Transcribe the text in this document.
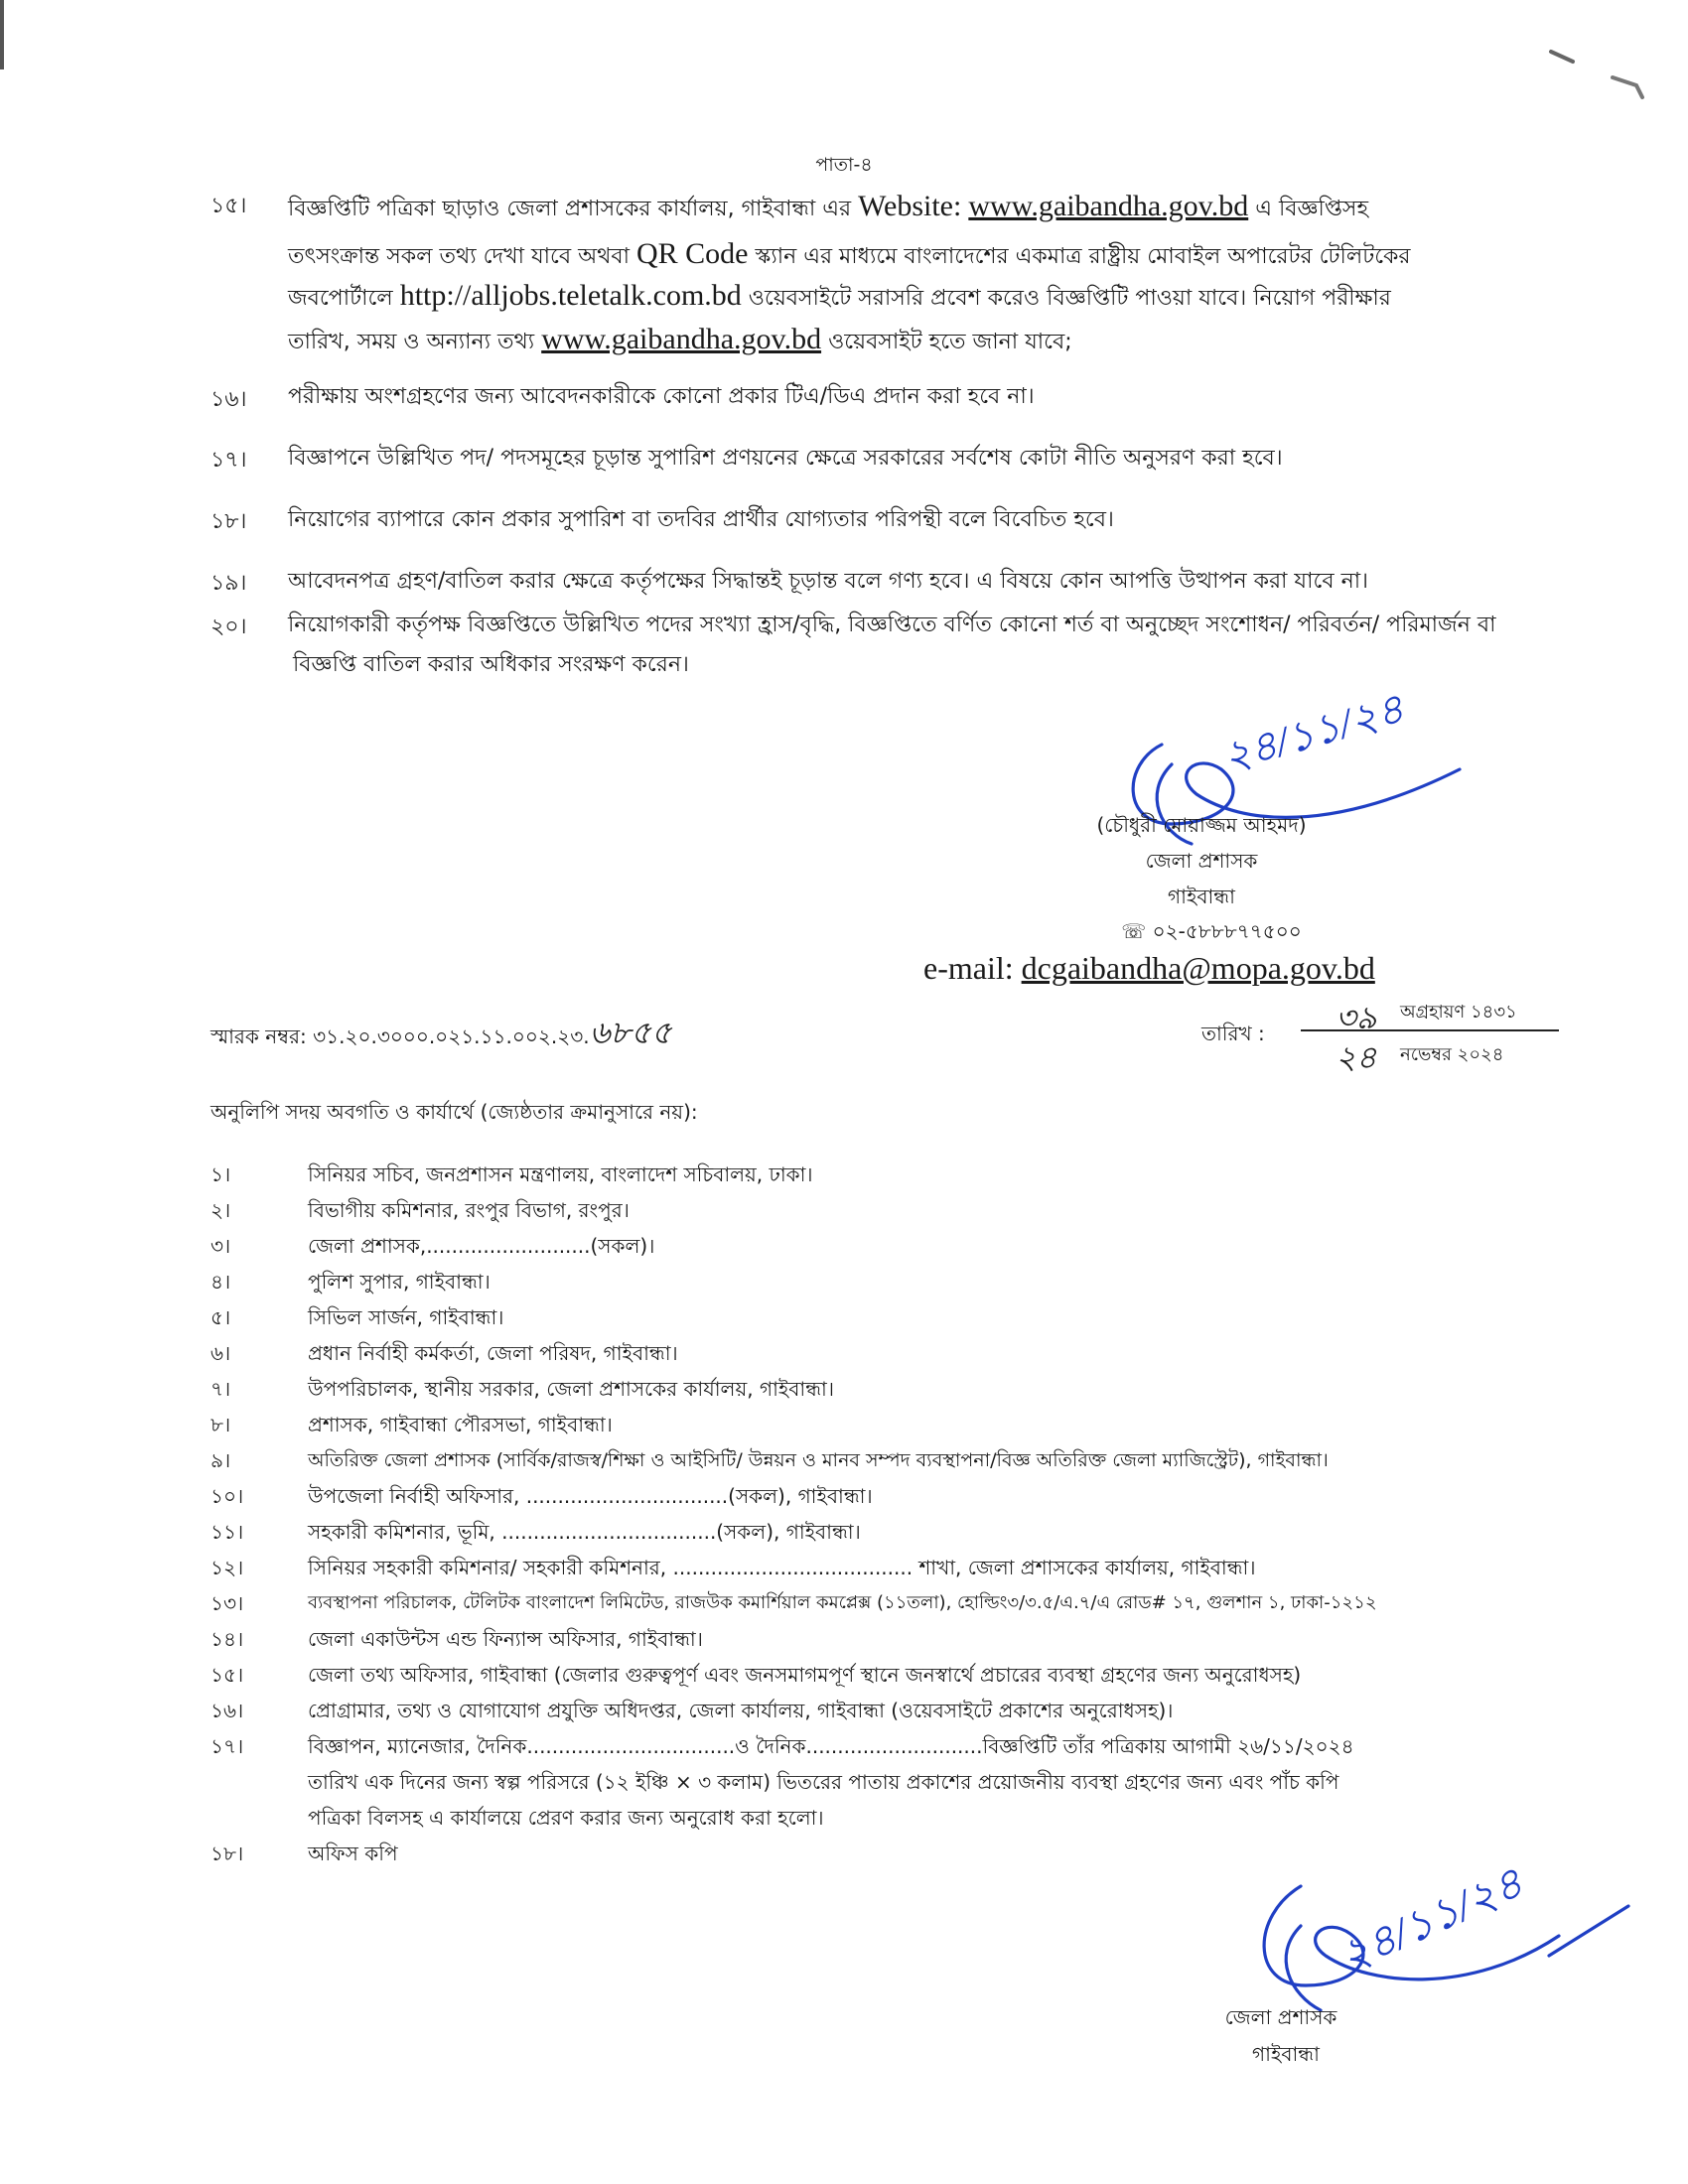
পাতা-৪
১৫। বিজ্ঞপ্তিটি পত্রিকা ছাড়াও জেলা প্রশাসকের কার্যালয়, গাইবান্ধা এর Website: www.gaibandha.gov.bd এ বিজ্ঞপ্তিসহ
তৎসংক্রান্ত সকল তথ্য দেখা যাবে অথবা QR Code স্ক্যান এর মাধ্যমে বাংলাদেশের একমাত্র রাষ্ট্রীয় মোবাইল অপারেটর টেলিটকের
জবপোর্টালে http://alljobs.teletalk.com.bd ওয়েবসাইটে সরাসরি প্রবেশ করেও বিজ্ঞপ্তিটি পাওয়া যাবে। নিয়োগ পরীক্ষার
তারিখ, সময় ও অন্যান্য তথ্য www.gaibandha.gov.bd ওয়েবসাইট হতে জানা যাবে;
১৬। পরীক্ষায় অংশগ্রহণের জন্য আবেদনকারীকে কোনো প্রকার টিএ/ডিএ প্রদান করা হবে না।
১৭। বিজ্ঞাপনে উল্লিখিত পদ/ পদসমূহের চূড়ান্ত সুপারিশ প্রণয়নের ক্ষেত্রে সরকারের সর্বশেষ কোটা নীতি অনুসরণ করা হবে।
১৮। নিয়োগের ব্যাপারে কোন প্রকার সুপারিশ বা তদবির প্রার্থীর যোগ্যতার পরিপন্থী বলে বিবেচিত হবে।
১৯। আবেদনপত্র গ্রহণ/বাতিল করার ক্ষেত্রে কর্তৃপক্ষের সিদ্ধান্তই চূড়ান্ত বলে গণ্য হবে। এ বিষয়ে কোন আপত্তি উত্থাপন করা যাবে না।
২০। নিয়োগকারী কর্তৃপক্ষ বিজ্ঞপ্তিতে উল্লিখিত পদের সংখ্যা হ্রাস/বৃদ্ধি, বিজ্ঞপ্তিতে বর্ণিত কোনো শর্ত বা অনুচ্ছেদ সংশোধন/ পরিবর্তন/ পরিমার্জন বা
বিজ্ঞপ্তি বাতিল করার অধিকার সংরক্ষণ করেন।
২৪/১১/২৪
(চৌধুরী মোয়াজ্জম আহমদ)
জেলা প্রশাসক
গাইবান্ধা
☏ ০২-৫৮৮৮৭৭৫০০
e-mail: dcgaibandha@mopa.gov.bd
স্মারক নম্বর: ৩১.২০.৩০০০.০২১.১১.০০২.২৩.৬৮৫৫	তারিখ : ৩৯ অগ্রহায়ণ ১৪৩১
২৪ নভেম্বর ২০২৪
অনুলিপি সদয় অবগতি ও কার্যার্থে (জ্যেষ্ঠতার ক্রমানুসারে নয়):
১।	সিনিয়র সচিব, জনপ্রশাসন মন্ত্রণালয়, বাংলাদেশ সচিবালয়, ঢাকা।
২।	বিভাগীয় কমিশনার, রংপুর বিভাগ, রংপুর।
৩।	জেলা প্রশাসক,..........................(সকল)।
৪।	পুলিশ সুপার, গাইবান্ধা।
৫।	সিভিল সার্জন, গাইবান্ধা।
৬।	প্রধান নির্বাহী কর্মকর্তা, জেলা পরিষদ, গাইবান্ধা।
৭।	উপপরিচালক, স্থানীয় সরকার, জেলা প্রশাসকের কার্যালয়, গাইবান্ধা।
৮।	প্রশাসক, গাইবান্ধা পৌরসভা, গাইবান্ধা।
৯।	অতিরিক্ত জেলা প্রশাসক (সার্বিক/রাজস্ব/শিক্ষা ও আইসিটি/ উন্নয়ন ও মানব সম্পদ ব্যবস্থাপনা/বিজ্ঞ অতিরিক্ত জেলা ম্যাজিস্ট্রেট), গাইবান্ধা।
১০।	উপজেলা নির্বাহী অফিসার, ................................(সকল), গাইবান্ধা।
১১।	সহকারী কমিশনার, ভূমি, ..................................(সকল), গাইবান্ধা।
১২।	সিনিয়র সহকারী কমিশনার/ সহকারী কমিশনার, ...................................... শাখা, জেলা প্রশাসকের কার্যালয়, গাইবান্ধা।
১৩।	ব্যবস্থাপনা পরিচালক, টেলিটক বাংলাদেশ লিমিটেড, রাজউক কমার্শিয়াল কমপ্লেক্স (১১তলা), হোল্ডিং৩/৩.৫/এ.৭/এ রোড# ১৭, গুলশান ১, ঢাকা-১২১২
১৪।	জেলা একাউন্টস এন্ড ফিন্যান্স অফিসার, গাইবান্ধা।
১৫।	জেলা তথ্য অফিসার, গাইবান্ধা (জেলার গুরুত্বপূর্ণ এবং জনসমাগমপূর্ণ স্থানে জনস্বার্থে প্রচারের ব্যবস্থা গ্রহণের জন্য অনুরোধসহ)
১৬।	প্রোগ্রামার, তথ্য ও যোগাযোগ প্রযুক্তি অধিদপ্তর, জেলা কার্যালয়, গাইবান্ধা (ওয়েবসাইটে প্রকাশের অনুরোধসহ)।
১৭।	বিজ্ঞাপন, ম্যানেজার, দৈনিক.................................ও দৈনিক............................বিজ্ঞপ্তিটি তাঁর পত্রিকায় আগামী ২৬/১১/২০২৪
তারিখ এক দিনের জন্য স্বল্প পরিসরে (১২ ইঞ্চি × ৩ কলাম) ভিতরের পাতায় প্রকাশের প্রয়োজনীয় ব্যবস্থা গ্রহণের জন্য এবং পাঁচ কপি
পত্রিকা বিলসহ এ কার্যালয়ে প্রেরণ করার জন্য অনুরোধ করা হলো।
১৮।	অফিস কপি
২৪/১১/২৪
জেলা প্রশাসক
গাইবান্ধা
